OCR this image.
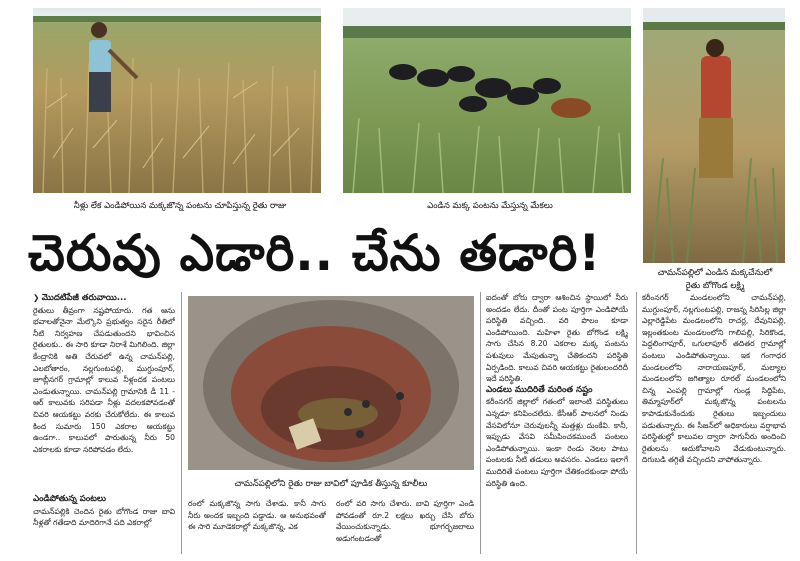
నీళ్లు లేక ఎండిపోయిన మక్కజొన్న పంటను చూపిస్తున్న రైతు రాజు	ఎండిన మక్క పంటను మేస్తున్న మేకలు
చామన్‌పల్లిలో ఎండిన మక్కచేనులో
రైతు బోగొండ లక్ష్మి
చెరువు ఎడారి.. చేను తడారి!

❯ మొదటిపేజీ తరువాయి...

రైతులు తీవ్రంగా నష్టపోయారు. గత ఆను భవాలతోనైనా మేల్కొని ప్రభుత్వం సరైన రీతిలో నీటి నిర్వహణ చేపడుతుందని భావించిన రైతులకు.. ఈ సారి కూడా నిరాశే మిగిలింది. జిల్లా కేంద్రానికి అతి చేరువలో ఉన్న చామన్‌పల్లి, ఎలబోతారం, నల్లగుంటపల్లి, ముగ్దుంపూర్, జూబ్లీనగర్ గ్రామాల్లో కాలువ నీళ్లందక పంటలు ఎండుతున్నాయి. చామన్‌పల్లి గ్రామానికి డీ 11 - ఆర్ కాలువకు సరిపడా నీళ్లు వదలకపోవడంతో చివరి ఆయకట్టు వరకు చేరుకోలేదు. ఈ కాలువ కింద సుమారు 150 ఎకరాల ఆయకట్టు ఉండగా.. కాలువలో పారుతున్న నీరు 50 ఎకరాలకు కూడా సరిపోవడం లేదు.

ఎండిపోతున్న పంటలు

చామన్‌పల్లికి చెందిన రైతు బోగొండ రాజు బావి నీళ్లతో గతేడాది మాదిరిగానే పది ఎకరాల్లో

చామన్‌పల్లిలోని రైతు రాజు బావిలో పూడిక తీస్తున్న కూలీలు

రంలో మక్కజొన్న సాగు చేశాడు. కానీ సాగు నీరు అందక ఇబ్బంది పడ్డాడు. ఆ అనుభవంతో ఈ సారి మూడెకరాల్లో మక్కజొన్న, ఎక

రంలో వరి సాగు చేశారు. బావి పూర్తిగా ఎండి పోవడంతో రూ.2 లక్షలు ఖర్చు చేసి బోరు వేయించుకున్నాడు. భూగర్భజలాలు అడుగంటడంతో

ఐదంతో బోరు ద్వారా ఆశించిన స్థాయిలో నీరు అందడం లేదు. దీంతో పంట పూర్తిగా ఎండిపోయే పరిస్థితి వచ్చింది. వరి పొలం కూడా ఎండిపోయింది. మహిళా రైతు బోగొండ లక్ష్మి సాగు చేసిన 8.20 ఎకరాల మక్క పంటను పశువులు మేపుతున్నా చేతికందని పరిస్థితి ఏర్పడింది. కాలువ చివరి ఆయకట్టు రైతులందరిదీ ఇదే పరిస్థితి.

ఎండలు ముదిరితే మరింత నష్టం

కరీంనగర్ జిల్లాలో గతంలో ఇలాంటి పరిస్థితులు ఎన్నడూ కనిపించలేదు. కేసీఆర్ పాలనలో నిండు వేసవిలోనూ చెరువులన్నీ మత్తళ్లు దుంకేవి. కానీ, ఇప్పుడు వేసవి సమీపించకముందే పంటలు ఎండిపోతున్నాయి. ఇంకా రెండు నెలల పాటు పంటలకు నీటి తడులు అవసరం. ఎండలు ఇలాగే ముదిరితే పంటలు పూర్తిగా చేతికందకుండా పోయే పరిస్థితి ఉంది.

కరీంనగర్ మండలంలోని చామన్‌పల్లి, ముగ్దుంపూర్, నల్లగుంటపల్లి, రాజన్న సిరిసిల్ల జిల్లా ఎల్లారెడ్డిపేట మండలంలోని రాచర్ల, దేవునిపల్లి, ఇల్లంతకుంట మండలంలోని గాలిపల్లి, సిరికొండ, పెద్దలింగాపూర్, ఒగులాపూర్ తదితర గ్రామాల్లో పంటలు ఎండిపోతున్నాయి. ఇక గంగాధర మండలంలోని నారాయణపూర్, మల్యాల మండలంలోని జగిత్యాల రూరల్ మండలంలోని చిన్న ఎంపల్లి గ్రామాల్లో గుండ్ల సిద్దిపేట, తిమ్మాపూర్‌లో మక్కజొన్న పంటలను కాపాడుకునేందుకు రైతులు ఇబ్బందులు పడుతున్నారు. ఈ సీజన్‌లో అధికారులు వర్షాభావ పరిస్థితుల్లో కాలువల ద్వారా సాగునీరు అందించి రైతులను ఆదుకోవాలని వేడుకుంటున్నారు. దిగుబడి తగ్గితే వచ్చిందని వాపోతున్నారు.
